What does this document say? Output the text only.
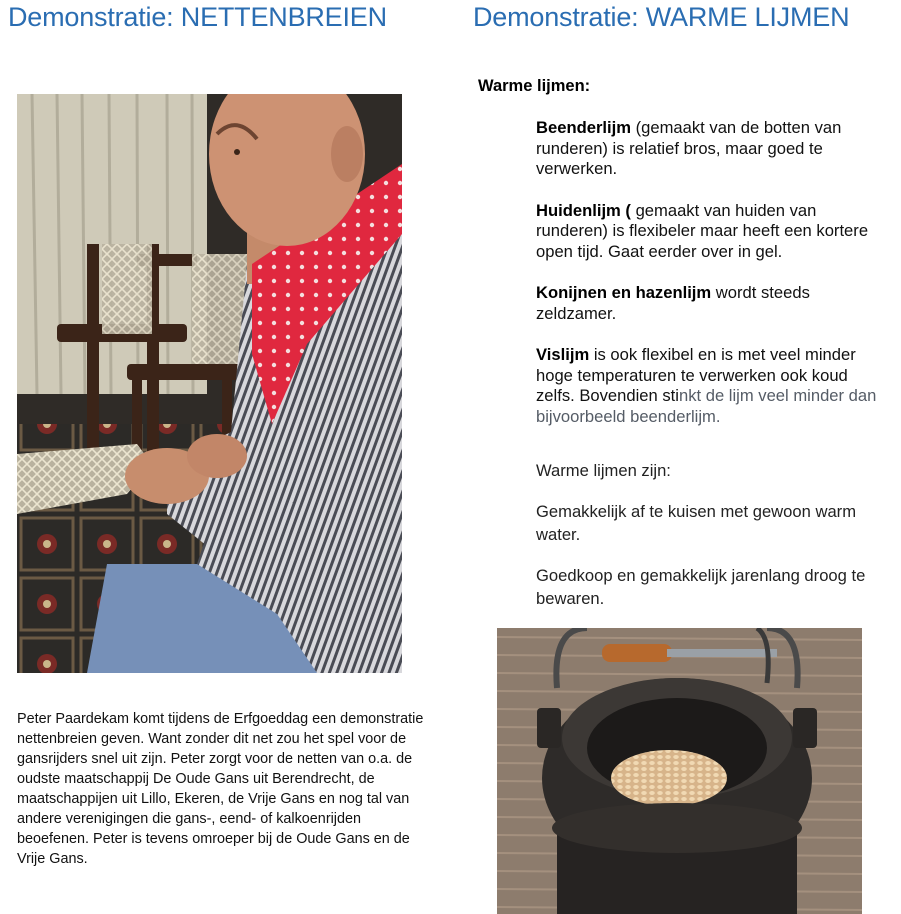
Demonstratie: NETTENBREIEN	Demonstratie: WARME LIJMEN
Peter Paardekam komt tijdens de Erfgoeddag een demonstratie nettenbreien geven. Want zonder dit net zou het spel voor de gansrijders snel uit zijn. Peter zorgt voor de netten van o.a. de oudste maatschappij De Oude Gans uit Berendrecht, de maatschappijen uit Lillo, Ekeren, de Vrije Gans en nog tal van andere verenigingen die gans-, eend- of kalkoenrijden beoefenen. Peter is tevens omroeper bij de Oude Gans en de Vrije Gans.
Warme lijmen:

Beenderlijm (gemaakt van de botten van runderen) is relatief bros, maar goed te verwerken.

Huidenlijm ( gemaakt van huiden van runderen) is flexibeler maar heeft een kortere open tijd. Gaat eerder over in gel.

Konijnen en hazenlijm wordt steeds zeldzamer.

Vislijm is ook flexibel en is met veel minder hoge temperaturen te verwerken ook koud zelfs. Bovendien stinkt de lijm veel minder dan bijvoorbeeld beenderlijm.

Warme lijmen zijn:

Gemakkelijk af te kuisen met gewoon warm water.

Goedkoop en gemakkelijk jarenlang droog te bewaren.
